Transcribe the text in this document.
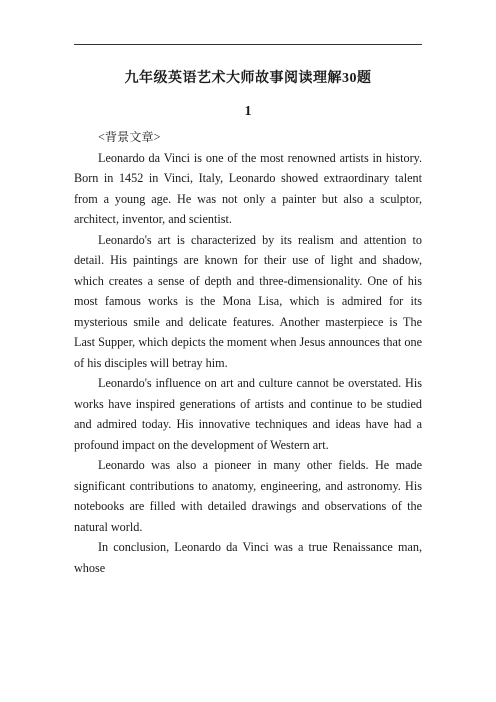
九年级英语艺术大师故事阅读理解30题
1

<背景文章>

Leonardo da Vinci is one of the most renowned artists in history. Born in 1452 in Vinci, Italy, Leonardo showed extraordinary talent from a young age. He was not only a painter but also a sculptor, architect, inventor, and scientist.

Leonardo's art is characterized by its realism and attention to detail. His paintings are known for their use of light and shadow, which creates a sense of depth and three-dimensionality. One of his most famous works is the Mona Lisa, which is admired for its mysterious smile and delicate features. Another masterpiece is The Last Supper, which depicts the moment when Jesus announces that one of his disciples will betray him.

Leonardo's influence on art and culture cannot be overstated. His works have inspired generations of artists and continue to be studied and admired today. His innovative techniques and ideas have had a profound impact on the development of Western art.

Leonardo was also a pioneer in many other fields. He made significant contributions to anatomy, engineering, and astronomy. His notebooks are filled with detailed drawings and observations of the natural world.

In conclusion, Leonardo da Vinci was a true Renaissance man, whose
